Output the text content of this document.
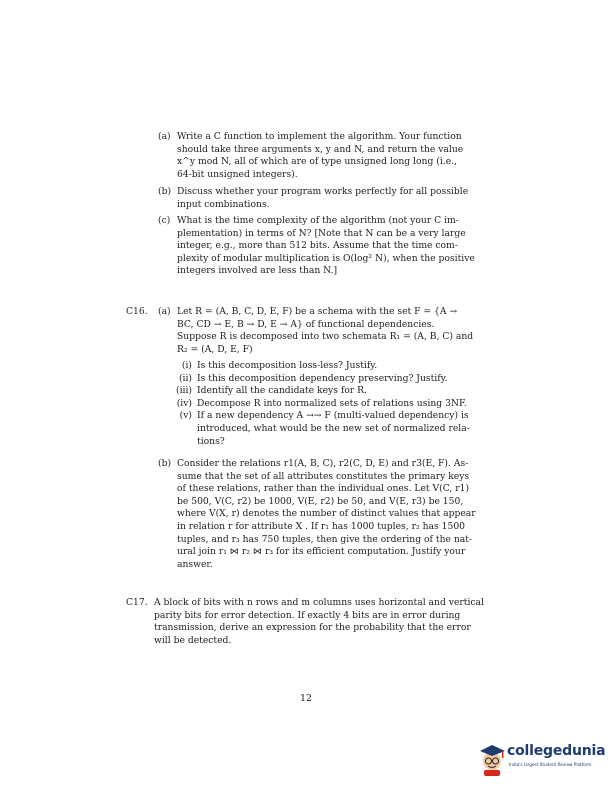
(a) Write a C function to implement the algorithm. Your function
should take three arguments x, y and N, and return the value
x^y mod N, all of which are of type unsigned long long (i.e.,
64-bit unsigned integers).
(b) Discuss whether your program works perfectly for all possible
input combinations.
(c) What is the time complexity of the algorithm (not your C im-
plementation) in terms of N? [Note that N can be a very large
integer, e.g., more than 512 bits. Assume that the time com-
plexity of modular multiplication is O(log² N), when the positive
integers involved are less than N.]
C16. (a) Let R = (A, B, C, D, E, F) be a schema with the set F = {A →
BC, CD → E, B → D, E → A} of functional dependencies.
Suppose R is decomposed into two schemata R₁ = (A, B, C) and
R₂ = (A, D, E, F)
(i) Is this decomposition loss-less? Justify.
(ii) Is this decomposition dependency preserving? Justify.
(iii) Identify all the candidate keys for R.
(iv) Decompose R into normalized sets of relations using 3NF.
(v) If a new dependency A →→ F (multi-valued dependency) is
introduced, what would be the new set of normalized rela-
tions?
(b) Consider the relations r1(A, B, C), r2(C, D, E) and r3(E, F). As-
sume that the set of all attributes constitutes the primary keys
of these relations, rather than the individual ones. Let V(C, r1)
be 500, V(C, r2) be 1000, V(E, r2) be 50, and V(E, r3) be 150,
where V(X, r) denotes the number of distinct values that appear
in relation r for attribute X . If r₁ has 1000 tuples, r₂ has 1500
tuples, and r₃ has 750 tuples, then give the ordering of the nat-
ural join r₁ ⋈ r₂ ⋈ r₃ for its efficient computation. Justify your
answer.
C17. A block of bits with n rows and m columns uses horizontal and vertical
parity bits for error detection. If exactly 4 bits are in error during
transmission, derive an expression for the probability that the error
will be detected.
12
collegedunia
India's largest Student Review Platform
